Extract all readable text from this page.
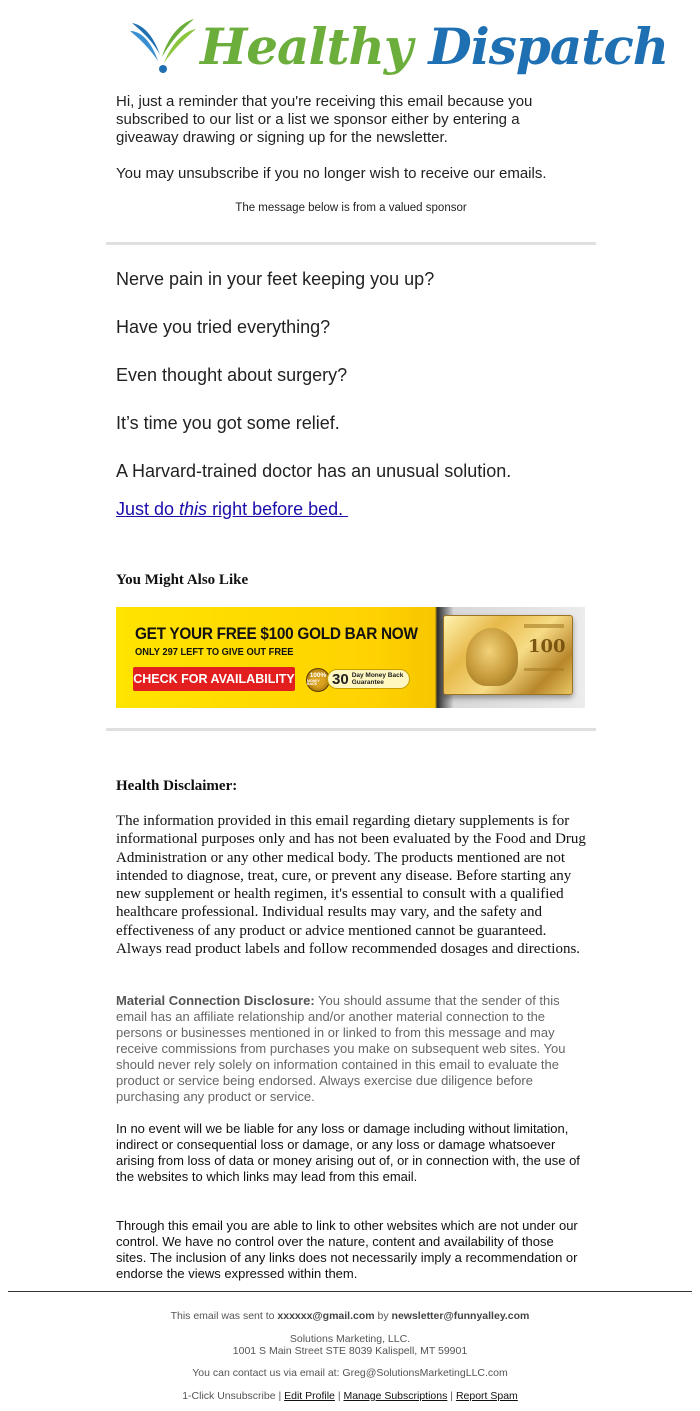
Healthy Dispatch

Hi, just a reminder that you're receiving this email because you subscribed to our list or a list we sponsor either by entering a giveaway drawing or signing up for the newsletter.

You may unsubscribe if you no longer wish to receive our emails.

The message below is from a valued sponsor

Nerve pain in your feet keeping you up?

Have you tried everything?

Even thought about surgery?

It’s time you got some relief.

A Harvard-trained doctor has an unusual solution.

Just do this right before bed.
You Might Also Like
GET YOUR FREE $100 GOLD BAR NOW
ONLY 297 LEFT TO GIVE OUT FREE
CHECK FOR AVAILABILITY 100%
MONEY BACK 30 Day Money Back
Guarantee
100
Health Disclaimer:

The information provided in this email regarding dietary supplements is for informational purposes only and has not been evaluated by the Food and Drug Administration or any other medical body. The products mentioned are not intended to diagnose, treat, cure, or prevent any disease. Before starting any new supplement or health regimen, it's essential to consult with a qualified healthcare professional. Individual results may vary, and the safety and effectiveness of any product or advice mentioned cannot be guaranteed. Always read product labels and follow recommended dosages and directions.

Material Connection Disclosure: You should assume that the sender of this email has an affiliate relationship and/or another material connection to the persons or businesses mentioned in or linked to from this message and may receive commissions from purchases you make on subsequent web sites. You should never rely solely on information contained in this email to evaluate the product or service being endorsed. Always exercise due diligence before purchasing any product or service.

In no event will we be liable for any loss or damage including without limitation, indirect or consequential loss or damage, or any loss or damage whatsoever arising from loss of data or money arising out of, or in connection with, the use of the websites to which links may lead from this email.

Through this email you are able to link to other websites which are not under our control. We have no control over the nature, content and availability of those sites. The inclusion of any links does not necessarily imply a recommendation or endorse the views expressed within them.

This email was sent to xxxxxx@gmail.com by newsletter@funnyalley.com
Solutions Marketing, LLC.
1001 S Main Street STE 8039 Kalispell, MT 59901
You can contact us via email at: Greg@SolutionsMarketingLLC.com
1-Click Unsubscribe | Edit Profile | Manage Subscriptions | Report Spam
